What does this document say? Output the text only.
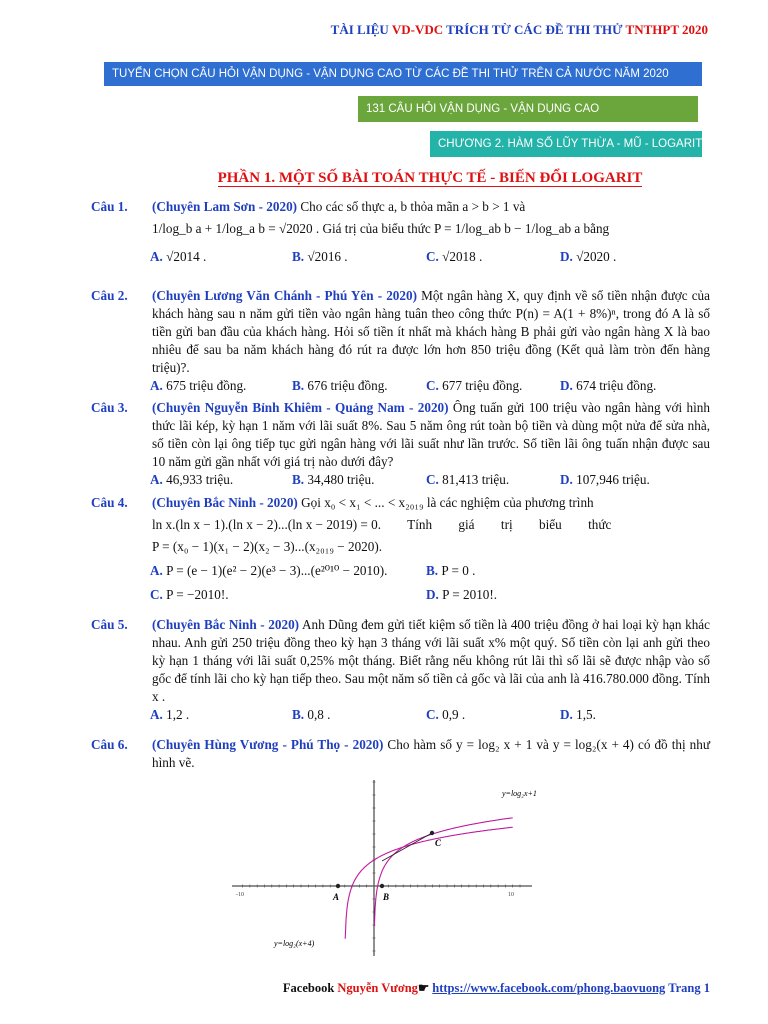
TÀI LIỆU VD-VDC TRÍCH TỪ CÁC ĐỀ THI THỬ TNTHPT 2020
TUYỂN CHỌN CÂU HỎI VẬN DỤNG - VẬN DỤNG CAO TỪ CÁC ĐỀ THI THỬ TRÊN CẢ NƯỚC NĂM 2020
131 CÂU HỎI VẬN DỤNG - VẬN DỤNG CAO
CHƯƠNG 2. HÀM SỐ LŨY THỪA - MŨ - LOGARIT
PHẦN 1. MỘT SỐ BÀI TOÁN THỰC TẾ - BIẾN ĐỔI LOGARIT
Câu 1.	(Chuyên Lam Sơn - 2020) Cho các số thực a, b thỏa mãn a > b > 1 và
1/log_b a + 1/log_a b = √2020 . Giá trị của biểu thức P = 1/log_ab b − 1/log_ab a bằng
A. √2014 .	B. √2016 .	C. √2018 .	D. √2020 .
Câu 2.	(Chuyên Lương Văn Chánh - Phú Yên - 2020) Một ngân hàng X, quy định về số tiền nhận được của khách hàng sau n năm gửi tiền vào ngân hàng tuân theo công thức P(n) = A(1 + 8%)ⁿ, trong đó A là số tiền gửi ban đầu của khách hàng. Hỏi số tiền ít nhất mà khách hàng B phải gửi vào ngân hàng X là bao nhiêu để sau ba năm khách hàng đó rút ra được lớn hơn 850 triệu đồng (Kết quả làm tròn đến hàng triệu)?.
A. 675 triệu đồng.	B. 676 triệu đồng.	C. 677 triệu đồng.	D. 674 triệu đồng.
Câu 3.	(Chuyên Nguyễn Bỉnh Khiêm - Quảng Nam - 2020) Ông tuấn gửi 100 triệu vào ngân hàng với hình thức lãi kép, kỳ hạn 1 năm với lãi suất 8%. Sau 5 năm ông rút toàn bộ tiền và dùng một nửa để sửa nhà, số tiền còn lại ông tiếp tục gửi ngân hàng với lãi suất như lần trước. Số tiền lãi ông tuấn nhận được sau 10 năm gửi gần nhất với giá trị nào dưới đây?
A. 46,933 triệu.	B. 34,480 triệu.	C. 81,413 triệu.	D. 107,946 triệu.
Câu 4.	(Chuyên Bắc Ninh - 2020) Gọi x₀ < x₁ < ... < x₂₀₁₉ là các nghiệm của phương trình
ln x.(ln x − 1).(ln x − 2)...(ln x − 2019) = 0.        Tính        giá        trị        biểu        thức
P = (x₀ − 1)(x₁ − 2)(x₂ − 3)...(x₂₀₁₉ − 2020).
A. P = (e − 1)(e² − 2)(e³ − 3)...(e²⁰¹⁰ − 2010).	B. P = 0 .
C. P = −2010!.	D. P = 2010!.
Câu 5.	(Chuyên Bắc Ninh - 2020) Anh Dũng đem gửi tiết kiệm số tiền là 400 triệu đồng ở hai loại kỳ hạn khác nhau. Anh gửi 250 triệu đồng theo kỳ hạn 3 tháng với lãi suất x% một quý. Số tiền còn lại anh gửi theo kỳ hạn 1 tháng với lãi suất 0,25% một tháng. Biết rằng nếu không rút lãi thì số lãi sẽ được nhập vào số gốc để tính lãi cho kỳ hạn tiếp theo. Sau một năm số tiền cả gốc và lãi của anh là 416.780.000 đồng. Tính x .
A. 1,2 .	B. 0,8 .	C. 0,9 .	D. 1,5.
Câu 6.	(Chuyên Hùng Vương - Phú Thọ - 2020) Cho hàm số y = log₂ x + 1 và y = log₂(x + 4) có đồ thị như hình vẽ.
A	B
C
-10	10
y=log₂x+1
y=log₂(x+4)
Facebook Nguyễn Vương☛ https://www.facebook.com/phong.baovuong Trang 1
